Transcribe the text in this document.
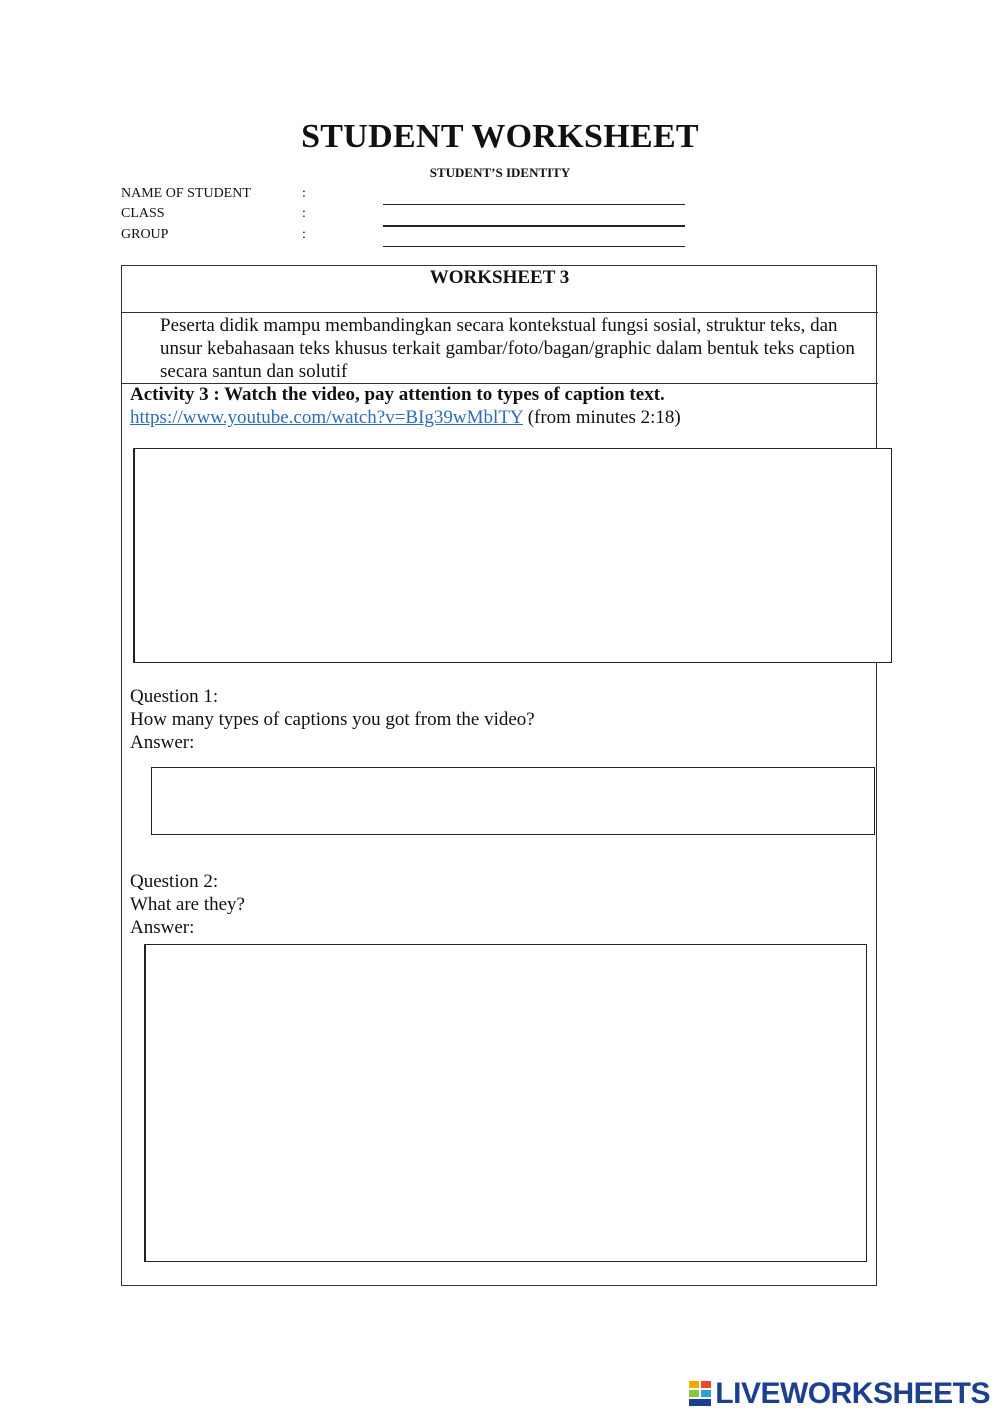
STUDENT WORKSHEET
STUDENT’S IDENTITY
NAME OF STUDENT	:
CLASS	:
GROUP	:
WORKSHEET 3
Peserta didik mampu membandingkan secara kontekstual fungsi sosial, struktur teks, dan unsur kebahasaan teks khusus terkait gambar/foto/bagan/graphic dalam bentuk teks caption secara santun dan solutif
Activity 3 : Watch the video, pay attention to types of caption text.
https://www.youtube.com/watch?v=BIg39wMblTY (from minutes 2:18)
Question 1:
How many types of captions you got from the video?
Answer:
Question 2:
What are they?
Answer:
LIVEWORKSHEETS
